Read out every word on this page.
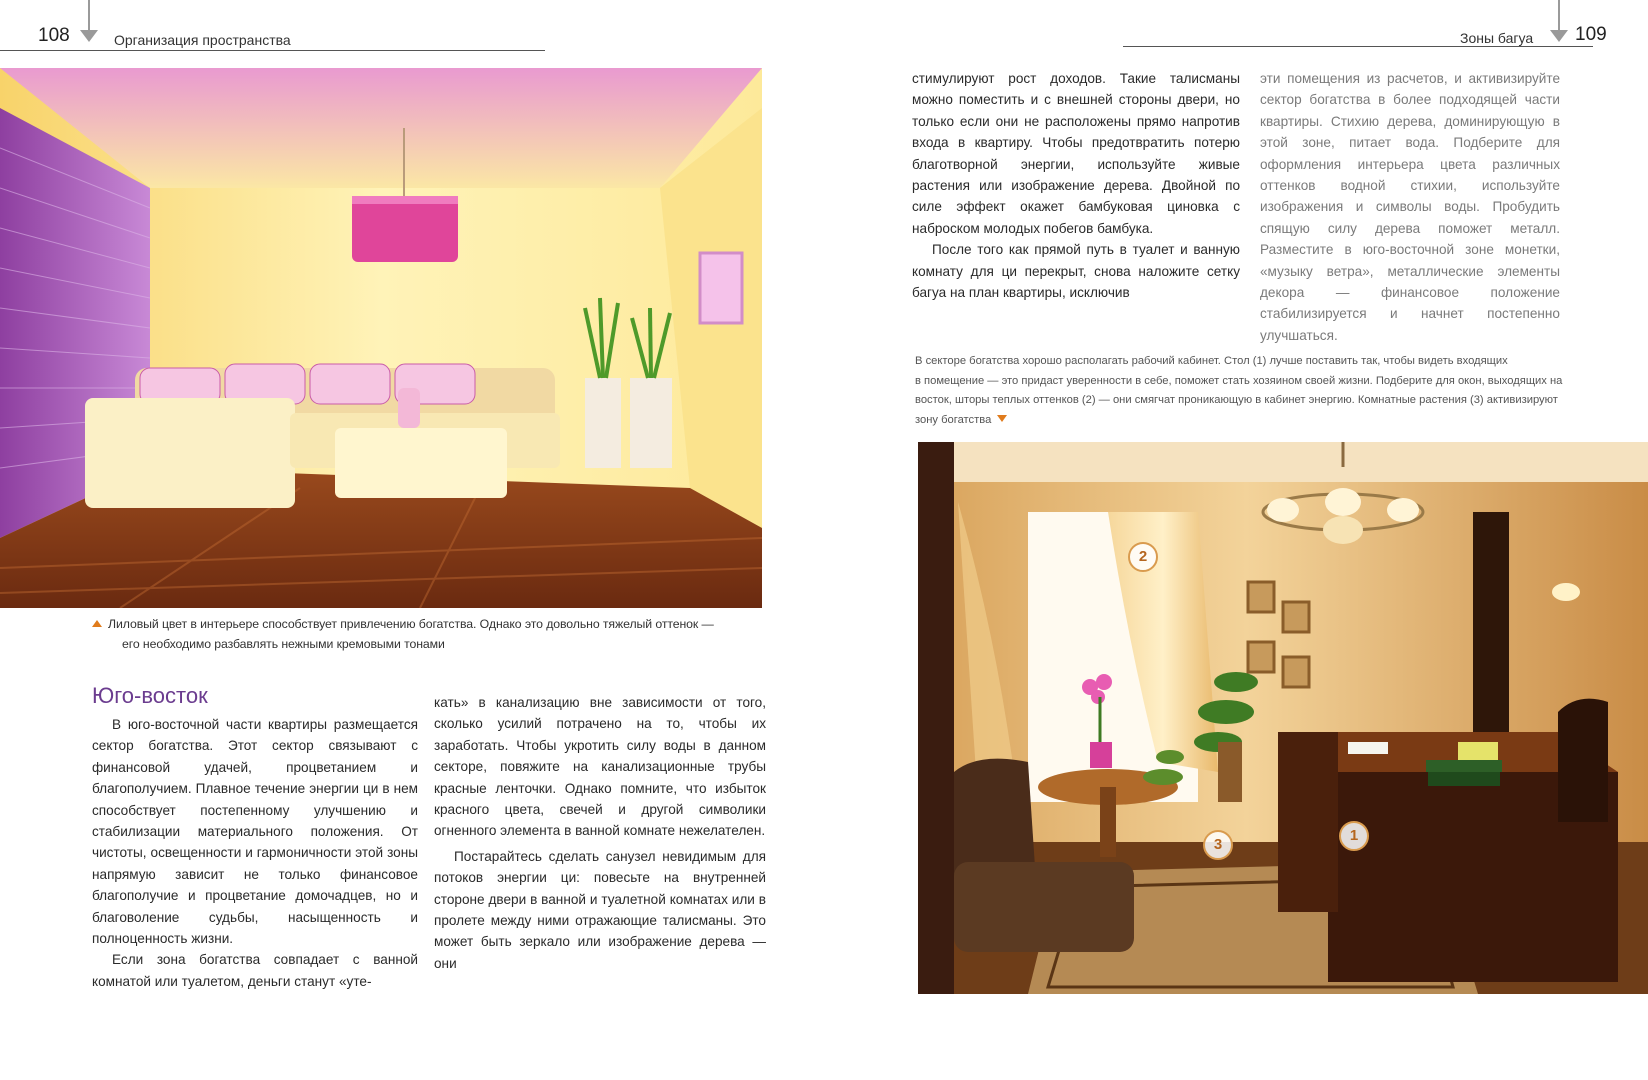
108	Организация пространства	Зоны багуа 109
Лиловый цвет в интерьере способствует привлечению богатства. Однако это довольно тяжелый оттенок —
его необходимо разбавлять нежными кремовыми тонами
Юго-восток

В юго-восточной части квартиры размещается сектор богатства. Этот сектор связывают с финансовой удачей, процветанием и благополучием. Плавное течение энергии ци в нем способствует постепенному улучшению и стабилизации материального положения. От чистоты, освещенности и гармоничности этой зоны напрямую зависит не только финансовое благополучие и процветание домочадцев, но и благоволение судьбы, насыщенность и полноценность жизни.

Если зона богатства совпадает с ванной комнатой или туалетом, деньги станут «уте-

кать» в канализацию вне зависимости от того, сколько усилий потрачено на то, чтобы их заработать. Чтобы укротить силу воды в данном секторе, повяжите на канализационные трубы красные ленточки. Однако помните, что избыток красного цвета, свечей и другой символики огненного элемента в ванной комнате нежелателен.

Постарайтесь сделать санузел невидимым для потоков энергии ци: повесьте на внутренней стороне двери в ванной и туалетной комнатах или в пролете между ними отражающие талисманы. Это может быть зеркало или изображение дерева — они

стимулируют рост доходов. Такие талисманы можно поместить и с внешней стороны двери, но только если они не расположены прямо напротив входа в квартиру. Чтобы предотвратить потерю благотворной энергии, используйте живые растения или изображение дерева. Двойной по силе эффект окажет бамбуковая циновка с наброском молодых побегов бамбука.

После того как прямой путь в туалет и ванную комнату для ци перекрыт, снова наложите сетку багуа на план квартиры, исключив

эти помещения из расчетов, и активизируйте сектор богатства в более подходящей части квартиры. Стихию дерева, доминирующую в этой зоне, питает вода. Подберите для оформления интерьера цвета различных оттенков водной стихии, используйте изображения и символы воды. Пробудить спящую силу дерева поможет металл. Разместите в юго-восточной зоне монетки, «музыку ветра», металлические элементы декора — финансовое положение стабилизируется и начнет постепенно улучшаться.

В секторе богатства хорошо располагать рабочий кабинет. Стол (1) лучше поставить так, чтобы видеть входящих
в помещение — это придаст уверенности в себе, поможет стать хозяином своей жизни. Подберите для окон, выходящих на
восток, шторы теплых оттенков (2) — они смягчат проникающую в кабинет энергию. Комнатные растения (3) активизируют
зону богатства
2
3
1
